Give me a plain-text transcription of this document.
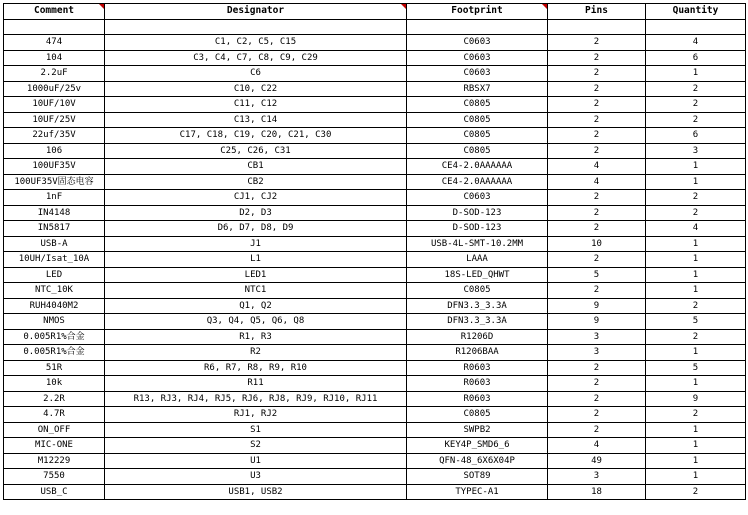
Comment	Designator	Footprint	Pins	Quantity

474	C1, C2, C5, C15	C0603	2	4
104	C3, C4, C7, C8, C9, C29	C0603	2	6
2.2uF	C6	C0603	2	1
1000uF/25v	C10, C22	RBSX7	2	2
10UF/10V	C11, C12	C0805	2	2
10UF/25V	C13, C14	C0805	2	2
22uf/35V	C17, C18, C19, C20, C21, C30	C0805	2	6
106	C25, C26, C31	C0805	2	3
100UF35V	CB1	CE4-2.0AAAAAA	4	1
100UF35V固态电容	CB2	CE4-2.0AAAAAA	4	1
1nF	CJ1, CJ2	C0603	2	2
IN4148	D2, D3	D-SOD-123	2	2
IN5817	D6, D7, D8, D9	D-SOD-123	2	4
USB-A	J1	USB-4L-SMT-10.2MM	10	1
10UH/Isat_10A	L1	LAAA	2	1
LED	LED1	18S-LED_QHWT	5	1
NTC_10K	NTC1	C0805	2	1
RUH4040M2	Q1, Q2	DFN3.3_3.3A	9	2
NMOS	Q3, Q4, Q5, Q6, Q8	DFN3.3_3.3A	9	5
0.005R1%合金	R1, R3	R1206D	3	2
0.005R1%合金	R2	R1206BAA	3	1
51R	R6, R7, R8, R9, R10	R0603	2	5
10k	R11	R0603	2	1
2.2R	R13, RJ3, RJ4, RJ5, RJ6, RJ8, RJ9, RJ10, RJ11	R0603	2	9
4.7R	RJ1, RJ2	C0805	2	2
ON_OFF	S1	SWPB2	2	1
MIC-ONE	S2	KEY4P_SMD6_6	4	1
M12229	U1	QFN-48_6X6X04P	49	1
7550	U3	SOT89	3	1
USB_C	USB1, USB2	TYPEC-A1	18	2
